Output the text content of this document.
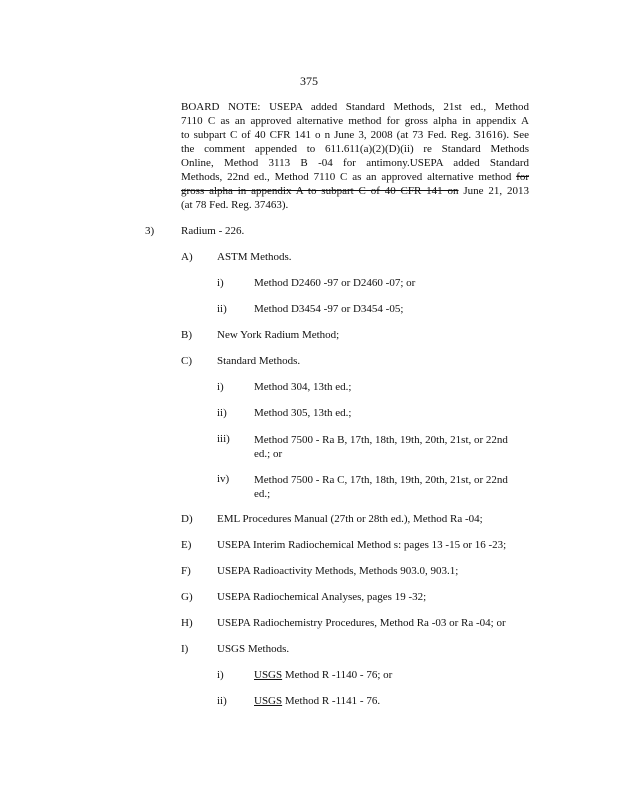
375
BOARD NOTE: USEPA added Standard Methods, 21st ed., Method
7110 C as an approved alternative method for gross alpha in appendix A
to subpart C of 40 CFR 141 o n June 3, 2008 (at 73 Fed. Reg. 31616). See
the comment appended to 611.611(a)(2)(D)(ii) re Standard Methods
Online, Method 3113 B -04 for antimony.USEPA added Standard
Methods, 22nd ed., Method 7110 C as an approved alternative method for
gross alpha in appendix A to subpart C of 40 CFR 141 on June 21, 2013
(at 78 Fed. Reg. 37463).
3) Radium - 226.
A) ASTM Methods.
i)	Method D2460 -97 or D2460 -07; or
ii) Method D3454 -97 or D3454 -05;
B) New York Radium Method;
C) Standard Methods.
i)	Method 304, 13th ed.;
ii) Method 305, 13th ed.;
iii) Method 7500 - Ra B, 17th, 18th, 19th, 20th, 21st, or 22nd ed.; or
iv) Method 7500 - Ra C, 17th, 18th, 19th, 20th, 21st, or 22nd ed.;
D) EML Procedures Manual (27th or 28th ed.), Method Ra -04;
E) USEPA Interim Radiochemical Method s: pages 13 -15 or 16 -23;
F) USEPA Radioactivity Methods, Methods 903.0, 903.1;
G) USEPA Radiochemical Analyses, pages 19 -32;
H) USEPA Radiochemistry Procedures, Method Ra -03 or Ra -04; or
I)	USGS Methods.
i)	USGS Method R -1140 - 76; or
ii) USGS Method R -1141 - 76.
